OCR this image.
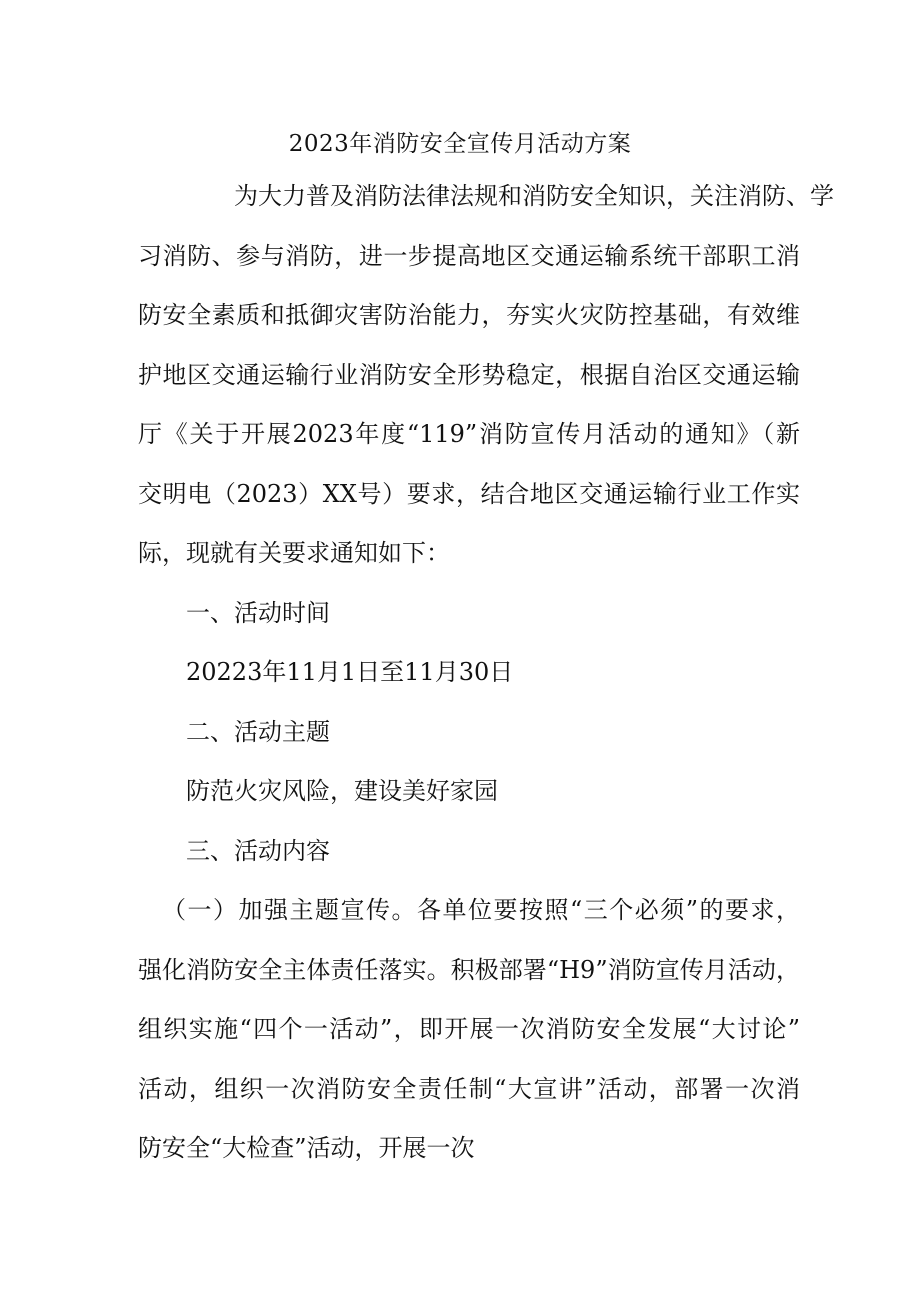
2023年消防安全宣传月活动方案
为大力普及消防法律法规和消防安全知识，关注消防、学
习消防、参与消防，进一步提高地区交通运输系统干部职工消
防安全素质和抵御灾害防治能力，夯实火灾防控基础，有效维
护地区交通运输行业消防安全形势稳定，根据自治区交通运输
厅《关于开展2023年度“119”消防宣传月活动的通知》（新
交明电（2023）XX号）要求，结合地区交通运输行业工作实
际，现就有关要求通知如下：

一、活动时间

20223年11月1日至11月30日

二、活动主题

防范火灾风险，建设美好家园

三、活动内容

（一）加强主题宣传。各单位要按照“三个必须”的要求，
强化消防安全主体责任落实。积极部署“H9”消防宣传月活动，
组织实施“四个一活动”，即开展一次消防安全发展“大讨论”
活动，组织一次消防安全责任制“大宣讲”活动，部署一次消
防安全“大检查”活动，开展一次
